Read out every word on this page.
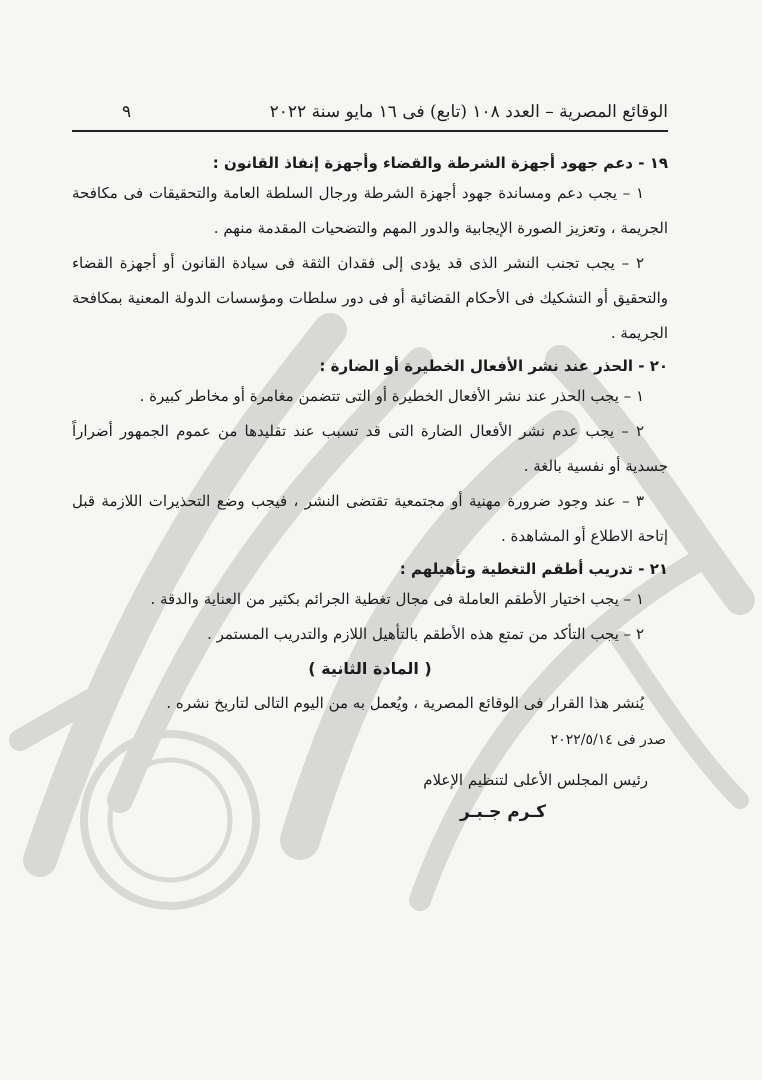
الوقائع المصرية – العدد ١٠٨ (تابع) فى ١٦ مايو سنة ٢٠٢٢
٩
١٩ - دعم جهود أجهزة الشرطة والقضاء وأجهزة إنفاذ القانون :

١ – يجب دعم ومساندة جهود أجهزة الشرطة ورجال السلطة العامة والتحقيقات فى مكافحة الجريمة ، وتعزيز الصورة الإيجابية والدور المهم والتضحيات المقدمة منهم .

٢ – يجب تجنب النشر الذى قد يؤدى إلى فقدان الثقة فى سيادة القانون أو أجهزة القضاء والتحقيق أو التشكيك فى الأحكام القضائية أو فى دور سلطات ومؤسسات الدولة المعنية بمكافحة الجريمة .

٢٠ - الحذر عند نشر الأفعال الخطيرة أو الضارة :

١ – يجب الحذر عند نشر الأفعال الخطيرة أو التى تتضمن مغامرة أو مخاطر كبيرة .

٢ – يجب عدم نشر الأفعال الضارة التى قد تسبب عند تقليدها من عموم الجمهور أضراراً جسدية أو نفسية بالغة .

٣ – عند وجود ضرورة مهنية أو مجتمعية تقتضى النشر ، فيجب وضع التحذيرات اللازمة قبل إتاحة الاطلاع أو المشاهدة .

٢١ - تدريب أطقم التغطية وتأهيلهم :

١ – يجب اختيار الأطقم العاملة فى مجال تغطية الجرائم بكثير من العناية والدقة .

٢ – يجب التأكد من تمتع هذه الأطقم بالتأهيل اللازم والتدريب المستمر .

( المادة الثانية )

يُنشر هذا القرار فى الوقائع المصرية ، ويُعمل به من اليوم التالى لتاريخ نشره .

صدر فى ٢٠٢٢/٥/١٤
رئيس المجلس الأعلى لتنظيم الإعلام
كـرم جـبـر
